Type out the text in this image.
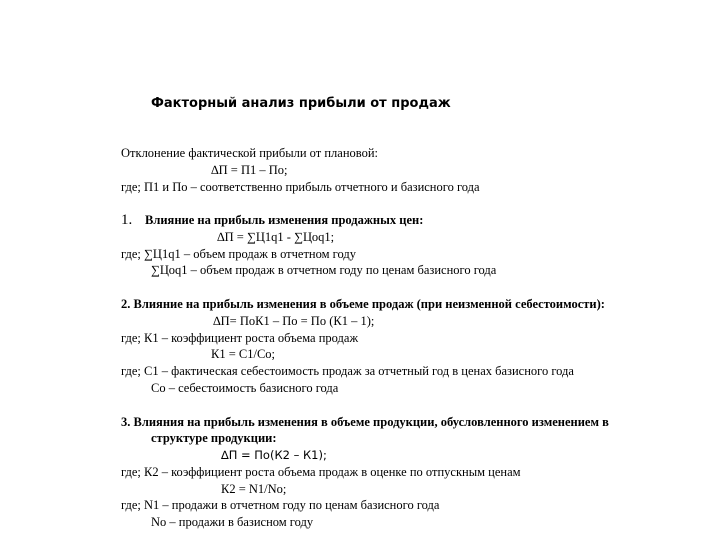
Факторный анализ прибыли от продаж
Отклонение фактической прибыли от плановой:
∆П = П1 – По;
где; П1 и По – соответственно прибыль отчетного и базисного года
1. Влияние на прибыль изменения продажных цен:
∆П = ∑Ц1q1 - ∑Цоq1;
где; ∑Ц1q1 – объем продаж в отчетном году
∑Цоq1 – объем продаж в отчетном году по ценам базисного года
2. Влияние на прибыль изменения в объеме продаж (при неизменной себестоимости):
∆П= ПоК1 – По = По (К1 – 1);
где; К1 – коэффициент роста объема продаж
К1 = С1/Со;
где; С1 – фактическая себестоимость продаж за отчетный год в ценах базисного года
Со – себестоимость базисного года
3. Влияния на прибыль изменения в объеме продукции, обусловленного изменением в
структуре продукции:
∆П = По(К2 – К1);
где; К2 – коэффициент роста объема продаж в оценке по отпускным ценам
К2 = N1/No;
где; N1 – продажи в отчетном году по ценам базисного года
No – продажи в базисном году
